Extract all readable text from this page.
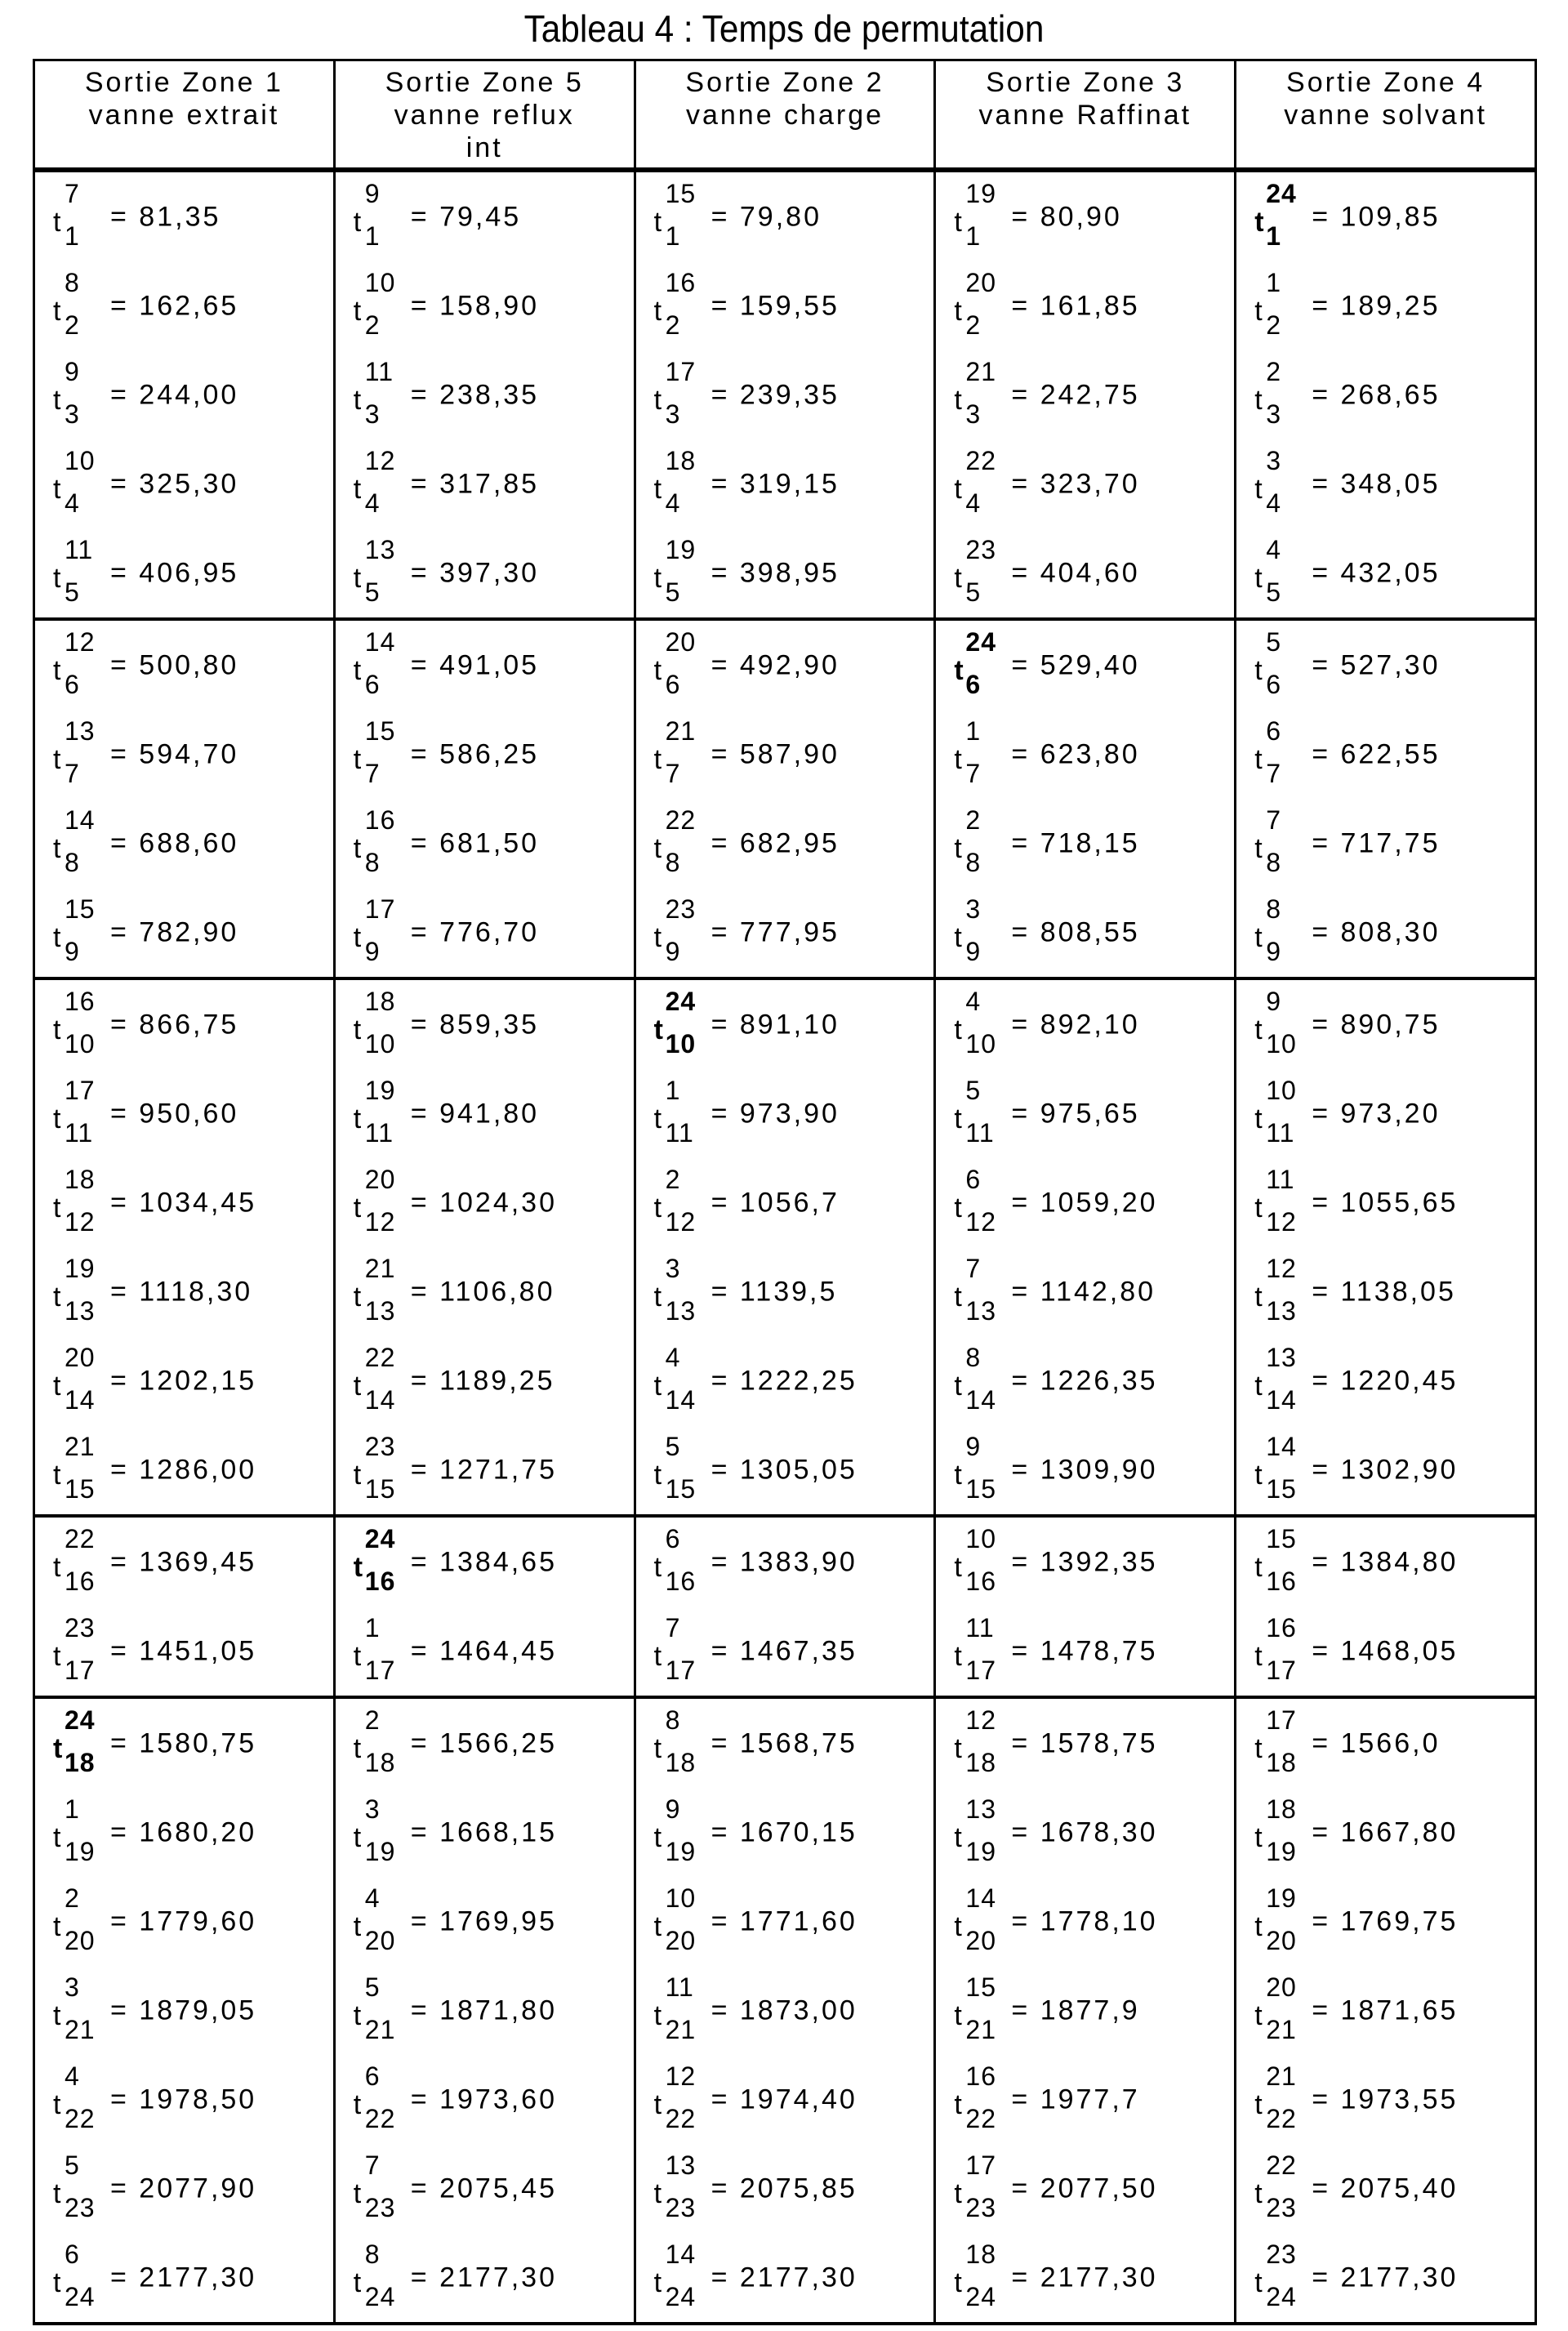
Tableau 4 : Temps de permutation
Sortie Zone 1
vanne extrait

Sortie Zone 5
vanne reflux
int

Sortie Zone 2
vanne charge

Sortie Zone 3
vanne Raffinat

Sortie Zone 4
vanne solvant

t
7
1
= 81,35	t
9
1
= 79,45	t
15
1
= 79,80	t
19
1
= 80,90	t
24
1
= 109,85

t
8
2
= 162,65	t
10
2
= 158,90	t
16
2
= 159,55	t
20
2
= 161,85	t
1
2
= 189,25

t
9
3
= 244,00	t
11
3
= 238,35	t
17
3
= 239,35	t
21
3
= 242,75	t
2
3
= 268,65

t
10
4
= 325,30	t
12
4
= 317,85	t
18
4
= 319,15	t
22
4
= 323,70	t
3
4
= 348,05

t
11
5
= 406,95	t
13
5
= 397,30	t
19
5
= 398,95	t
23
5
= 404,60	t
4
5
= 432,05

t
12
6
= 500,80	t
14
6
= 491,05	t
20
6
= 492,90	t
24
6
= 529,40	t
5
6
= 527,30

t
13
7
= 594,70	t
15
7
= 586,25	t
21
7
= 587,90	t
1
7
= 623,80	t
6
7
= 622,55

t
14
8
= 688,60	t
16
8
= 681,50	t
22
8
= 682,95	t
2
8
= 718,15	t
7
8
= 717,75

t
15
9
= 782,90	t
17
9
= 776,70	t
23
9
= 777,95	t
3
9
= 808,55	t
8
9
= 808,30

t
16
10
= 866,75	t
18
10
= 859,35	t
24
10
= 891,10	t
4
10
= 892,10	t
9
10
= 890,75

t
17
11
= 950,60	t
19
11
= 941,80	t
1
11
= 973,90	t
5
11
= 975,65	t
10
11
= 973,20

t
18
12
= 1034,45	t
20
12
= 1024,30	t
2
12
= 1056,7	t
6
12
= 1059,20	t
11
12
= 1055,65

t
19
13
= 1118,30	t
21
13
= 1106,80	t
3
13
= 1139,5	t
7
13
= 1142,80	t
12
13
= 1138,05

t
20
14
= 1202,15	t
22
14
= 1189,25	t
4
14
= 1222,25	t
8
14
= 1226,35	t
13
14
= 1220,45

t
21
15
= 1286,00	t
23
15
= 1271,75	t
5
15
= 1305,05	t
9
15
= 1309,90	t
14
15
= 1302,90

t
22
16
= 1369,45	t
24
16
= 1384,65	t
6
16
= 1383,90	t
10
16
= 1392,35	t
15
16
= 1384,80

t
23
17
= 1451,05	t
1
17
= 1464,45	t
7
17
= 1467,35	t
11
17
= 1478,75	t
16
17
= 1468,05

t
24
18
= 1580,75	t
2
18
= 1566,25	t
8
18
= 1568,75	t
12
18
= 1578,75	t
17
18
= 1566,0

t
1
19
= 1680,20	t
3
19
= 1668,15	t
9
19
= 1670,15	t
13
19
= 1678,30	t
18
19
= 1667,80

t
2
20
= 1779,60	t
4
20
= 1769,95	t
10
20
= 1771,60	t
14
20
= 1778,10	t
19
20
= 1769,75

t
3
21
= 1879,05	t
5
21
= 1871,80	t
11
21
= 1873,00	t
15
21
= 1877,9	t
20
21
= 1871,65

t
4
22
= 1978,50	t
6
22
= 1973,60	t
12
22
= 1974,40	t
16
22
= 1977,7	t
21
22
= 1973,55

t
5
23
= 2077,90	t
7
23
= 2075,45	t
13
23
= 2075,85	t
17
23
= 2077,50	t
22
23
= 2075,40

t
6
24
= 2177,30	t
8
24
= 2177,30	t
14
24
= 2177,30	t
18
24
= 2177,30	t
23
24
= 2177,30
